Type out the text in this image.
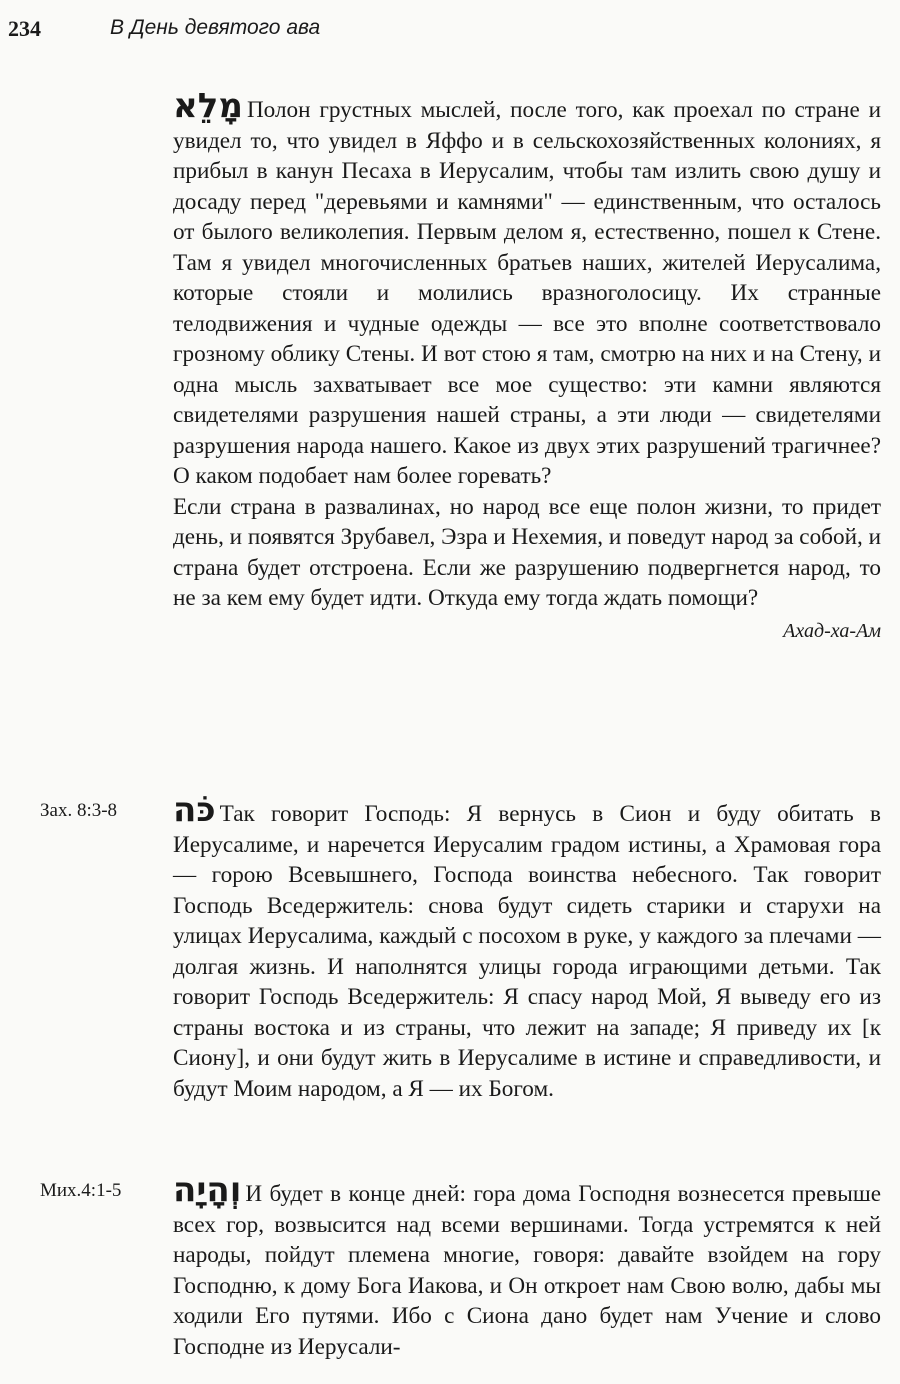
234	В День девятого ава

מָלֵא Полон грустных мыслей, после того, как проехал по стране и увидел то, что увидел в Яффо и в сельскохозяйственных колониях, я прибыл в канун Песаха в Иерусалим, чтобы там излить свою душу и досаду перед "деревьями и камнями" — единственным, что осталось от былого великолепия. Первым делом я, естественно, пошел к Стене. Там я увидел многочисленных братьев наших, жителей Иерусалима, которые стояли и молились вразноголосицу. Их странные телодвижения и чудные одежды — все это вполне соответствовало грозному облику Стены. И вот стою я там, смотрю на них и на Стену, и одна мысль захватывает все мое существо: эти камни являются свидетелями разрушения нашей страны, а эти люди — свидетелями разрушения народа нашего. Какое из двух этих разрушений трагичнее? О каком подобает нам более горевать?

Если страна в развалинах, но народ все еще полон жизни, то придет день, и появятся Зрубавел, Эзра и Нехемия, и поведут народ за собой, и страна будет отстроена. Если же разрушению подвергнется народ, то не за кем ему будет идти. Откуда ему тогда ждать помощи?

Ахад-ха-Ам
Зах. 8:3-8 כֹּה Так говорит Господь: Я вернусь в Сион и буду обитать в Иерусалиме, и наречется Иерусалим градом истины, а Храмовая гора — горою Всевышнего, Господа воинства небесного. Так говорит Господь Вседержитель: снова будут сидеть старики и старухи на улицах Иерусалима, каждый с посохом в руке, у каждого за плечами — долгая жизнь. И наполнятся улицы города играющими детьми. Так говорит Господь Вседержитель: Я спасу народ Мой, Я выведу его из страны востока и из страны, что лежит на западе; Я приведу их [к Сиону], и они будут жить в Иерусалиме в истине и справедливости, и будут Моим народом, а Я — их Богом.

Мих.4:1-5 וְהָיָה И будет в конце дней: гора дома Господня вознесется превыше всех гор, возвысится над всеми вершинами. Тогда устремятся к ней народы, пойдут племена многие, говоря: давайте взойдем на гору Господню, к дому Бога Иакова, и Он откроет нам Свою волю, дабы мы ходили Его путями. Ибо с Сиона дано будет нам Учение и слово Господне из Иерусали-
